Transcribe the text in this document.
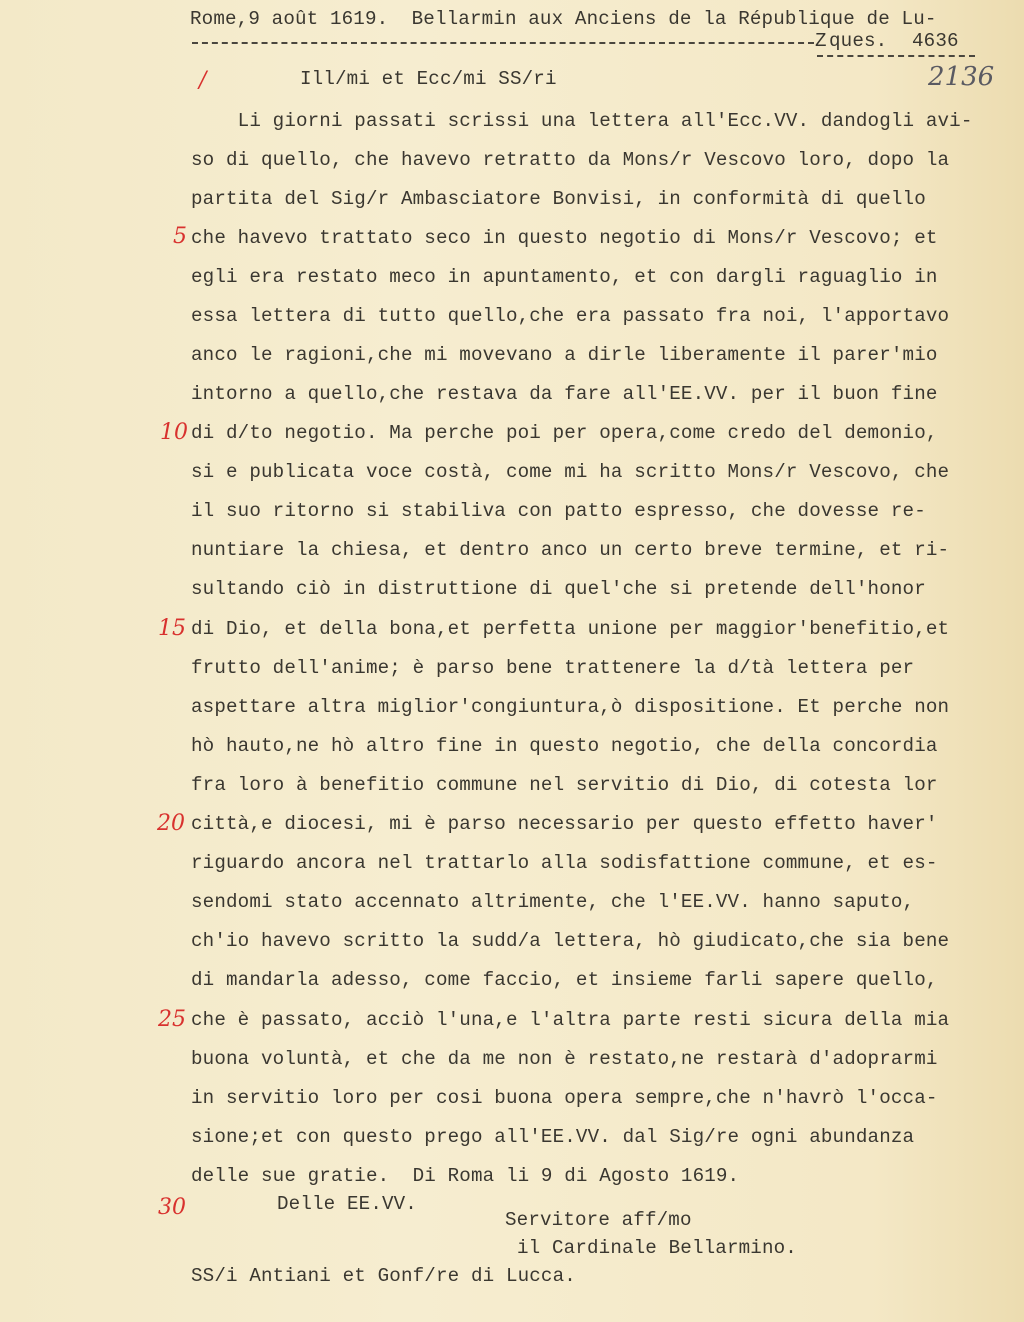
Rome,9 août 1619.  Bellarmin aux Anciens de la République de Lu-
Z ques. 4636
2136
Ill/mi et Ecc/mi SS/ri
Li giorni passati scrissi una lettera all'Ecc.VV. dandogli avi-
so di quello, che havevo retratto da Mons/r Vescovo loro, dopo la
partita del Sig/r Ambasciatore Bonvisi, in conformità di quello
che havevo trattato seco in questo negotio di Mons/r Vescovo; et
egli era restato meco in apuntamento, et con dargli raguaglio in
essa lettera di tutto quello,che era passato fra noi, l'apportavo
anco le ragioni,che mi movevano a dirle liberamente il parer'mio
intorno a quello,che restava da fare all'EE.VV. per il buon fine
di d/to negotio. Ma perche poi per opera,come credo del demonio,
si e publicata voce costà, come mi ha scritto Mons/r Vescovo, che
il suo ritorno si stabiliva con patto espresso, che dovesse re-
nuntiare la chiesa, et dentro anco un certo breve termine, et ri-
sultando ciò in distruttione di quel'che si pretende dell'honor
di Dio, et della bona,et perfetta unione per maggior'benefitio,et
frutto dell'anime; è parso bene trattenere la d/tà lettera per
aspettare altra miglior'congiuntura,ò dispositione. Et perche non
hò hauto,ne hò altro fine in questo negotio, che della concordia
fra loro à benefitio commune nel servitio di Dio, di cotesta lor
città,e diocesi, mi è parso necessario per questo effetto haver'
riguardo ancora nel trattarlo alla sodisfattione commune, et es-
sendomi stato accennato altrimente, che l'EE.VV. hanno saputo,
ch'io havevo scritto la sudd/a lettera, hò giudicato,che sia bene
di mandarla adesso, come faccio, et insieme farli sapere quello,
che è passato, acciò l'una,e l'altra parte resti sicura della mia
buona voluntà, et che da me non è restato,ne restarà d'adoprarmi
in servitio loro per cosi buona opera sempre,che n'havrò l'occa-
sione;et con questo prego all'EE.VV. dal Sig/re ogni abundanza
delle sue gratie.  Di Roma li 9 di Agosto 1619.
Delle EE.VV.
Servitore aff/mo
il Cardinale Bellarmino.
SS/i Antiani et Gonf/re di Lucca.
/
5
10
15
20
25
30
